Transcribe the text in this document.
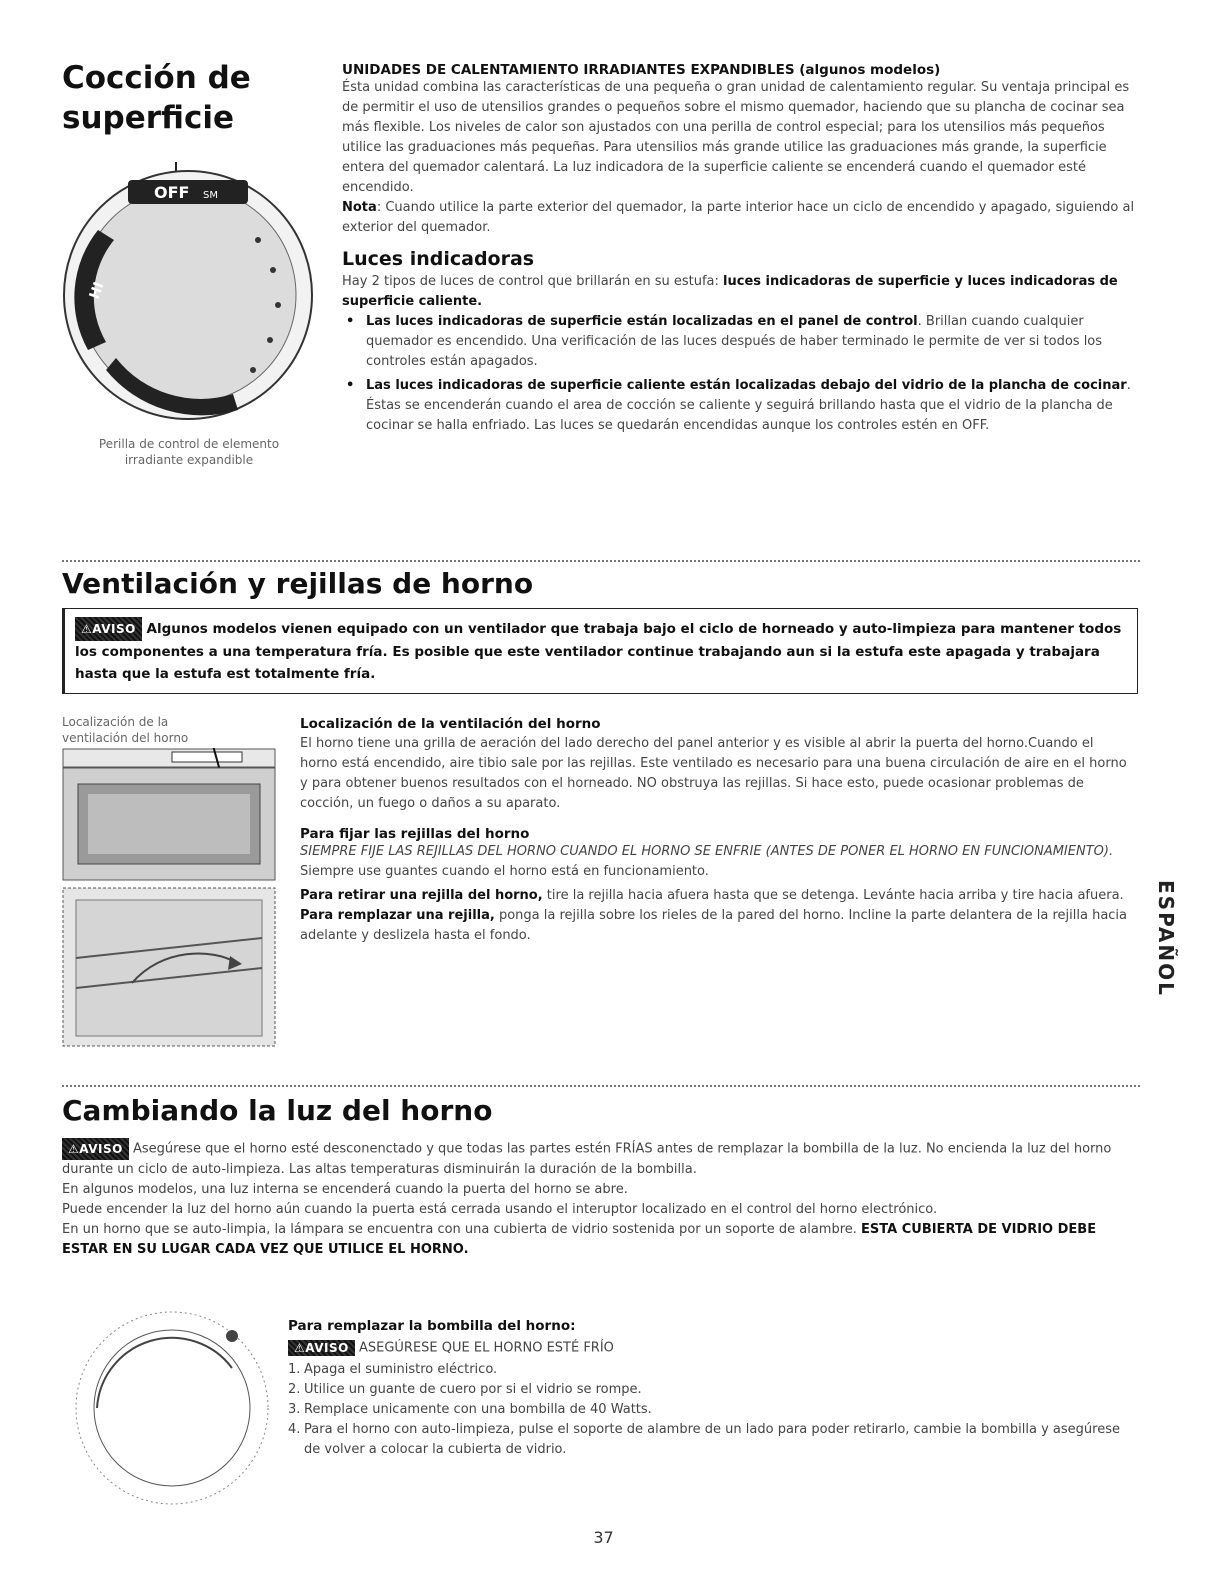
Cocción de
superficie
OFF SM
HI
Perilla de control de elemento
irradiante expandible
UNIDADES DE CALENTAMIENTO IRRADIANTES EXPANDIBLES (algunos modelos)
Ésta unidad combina las características de una pequeña o gran unidad de calentamiento regular. Su ventaja principal es de permitir el uso de utensilios grandes o pequeños sobre el mismo quemador, haciendo que su plancha de cocinar sea más flexible. Los niveles de calor son ajustados con una perilla de control especial; para los utensilios más pequeños utilice las graduaciones más pequeñas. Para utensilios más grande utilice las graduaciones más grande, la superficie entera del quemador calentará. La luz indicadora de la superficie caliente se encenderá cuando el quemador esté encendido.
Nota: Cuando utilice la parte exterior del quemador, la parte interior hace un ciclo de encendido y apagado, siguiendo al exterior del quemador.
Luces indicadoras
Hay 2 tipos de luces de control que brillarán en su estufa: luces indicadoras de superficie y luces indicadoras de superficie caliente.
• Las luces indicadoras de superficie están localizadas en el panel de control. Brillan cuando cualquier quemador es encendido. Una verificación de las luces después de haber terminado le permite de ver si todos los controles están apagados.
• Las luces indicadoras de superficie caliente están localizadas debajo del vidrio de la plancha de cocinar. Éstas se encenderán cuando el area de cocción se caliente y seguirá brillando hasta que el vidrio de la plancha de cocinar se halla enfriado. Las luces se quedarán encendidas aunque los controles estén en OFF.
Ventilación y rejillas de horno
⚠AVISO Algunos modelos vienen equipado con un ventilador que trabaja bajo el ciclo de horneado y auto-limpieza para mantener todos los componentes a una temperatura fría. Es posible que este ventilador continue trabajando aun si la estufa este apagada y trabajara hasta que la estufa est totalmente fría.
Localización de la
ventilación del horno
Localización de la ventilación del horno
El horno tiene una grilla de aeración del lado derecho del panel anterior y es visible al abrir la puerta del horno.Cuando el horno está encendido, aire tibio sale por las rejillas. Este ventilado es necesario para una buena circulación de aire en el horno y para obtener buenos resultados con el horneado. NO obstruya las rejillas. Si hace esto, puede ocasionar problemas de cocción, un fuego o daños a su aparato.
Para fijar las rejillas del horno
SIEMPRE FIJE LAS REJILLAS DEL HORNO CUANDO EL HORNO SE ENFRIE (ANTES DE PONER EL HORNO EN FUNCIONAMIENTO). Siempre use guantes cuando el horno está en funcionamiento.
Para retirar una rejilla del horno, tire la rejilla hacia afuera hasta que se detenga. Levánte hacia arriba y tire hacia afuera.
Para remplazar una rejilla, ponga la rejilla sobre los rieles de la pared del horno. Incline la parte delantera de la rejilla hacia adelante y deslizela hasta el fondo.	ESPAÑOL
Cambiando la luz del horno
⚠AVISO Asegúrese que el horno esté desconenctado y que todas las partes estén FRÍAS antes de remplazar la bombilla de la luz. No encienda la luz del horno durante un ciclo de auto-limpieza. Las altas temperaturas disminuirán la duración de la bombilla.
En algunos modelos, una luz interna se encenderá cuando la puerta del horno se abre.
Puede encender la luz del horno aún cuando la puerta está cerrada usando el interuptor localizado en el control del horno electrónico.
En un horno que se auto-limpia, la lámpara se encuentra con una cubierta de vidrio sostenida por un soporte de alambre. ESTA CUBIERTA DE VIDRIO DEBE ESTAR EN SU LUGAR CADA VEZ QUE UTILICE EL HORNO.
Para remplazar la bombilla del horno:
⚠AVISO ASEGÚRESE QUE EL HORNO ESTÉ FRÍO
1. Apaga el suministro eléctrico.
2. Utilice un guante de cuero por si el vidrio se rompe.
3. Remplace unicamente con una bombilla de 40 Watts.
4. Para el horno con auto-limpieza, pulse el soporte de alambre de un lado para poder retirarlo, cambie la bombilla y asegúrese de volver a colocar la cubierta de vidrio.
37
